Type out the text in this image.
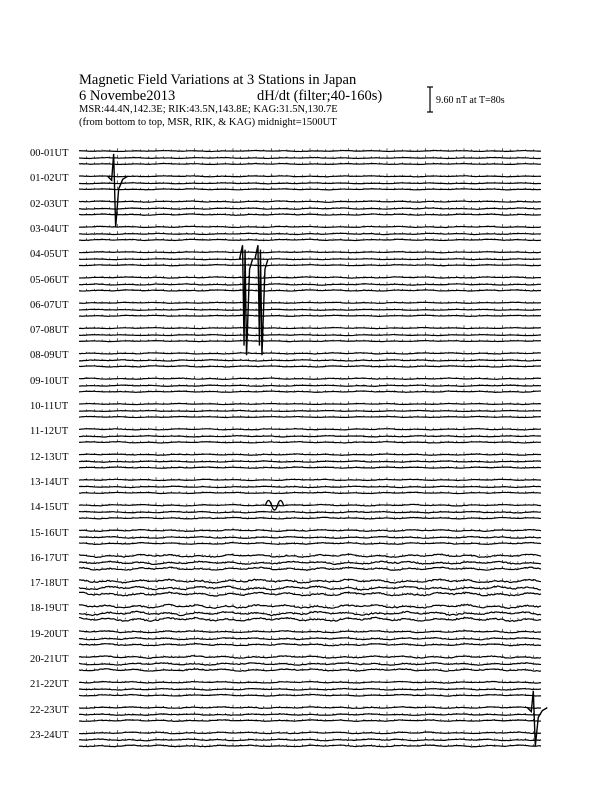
Magnetic Field Variations at 3 Stations in Japan
6 Novembe2013	dH/dt (filter;40-160s)
MSR:44.4N,142.3E; RIK:43.5N,143.8E; KAG:31.5N,130.7E
(from bottom to top, MSR, RIK, & KAG) midnight=1500UT
9.60 nT at T=80s
00-01UT
01-02UT
02-03UT
03-04UT
04-05UT
05-06UT
06-07UT
07-08UT
08-09UT
09-10UT
10-11UT
11-12UT
12-13UT
13-14UT
14-15UT
15-16UT
16-17UT
17-18UT
18-19UT
19-20UT
20-21UT
21-22UT
22-23UT
23-24UT
